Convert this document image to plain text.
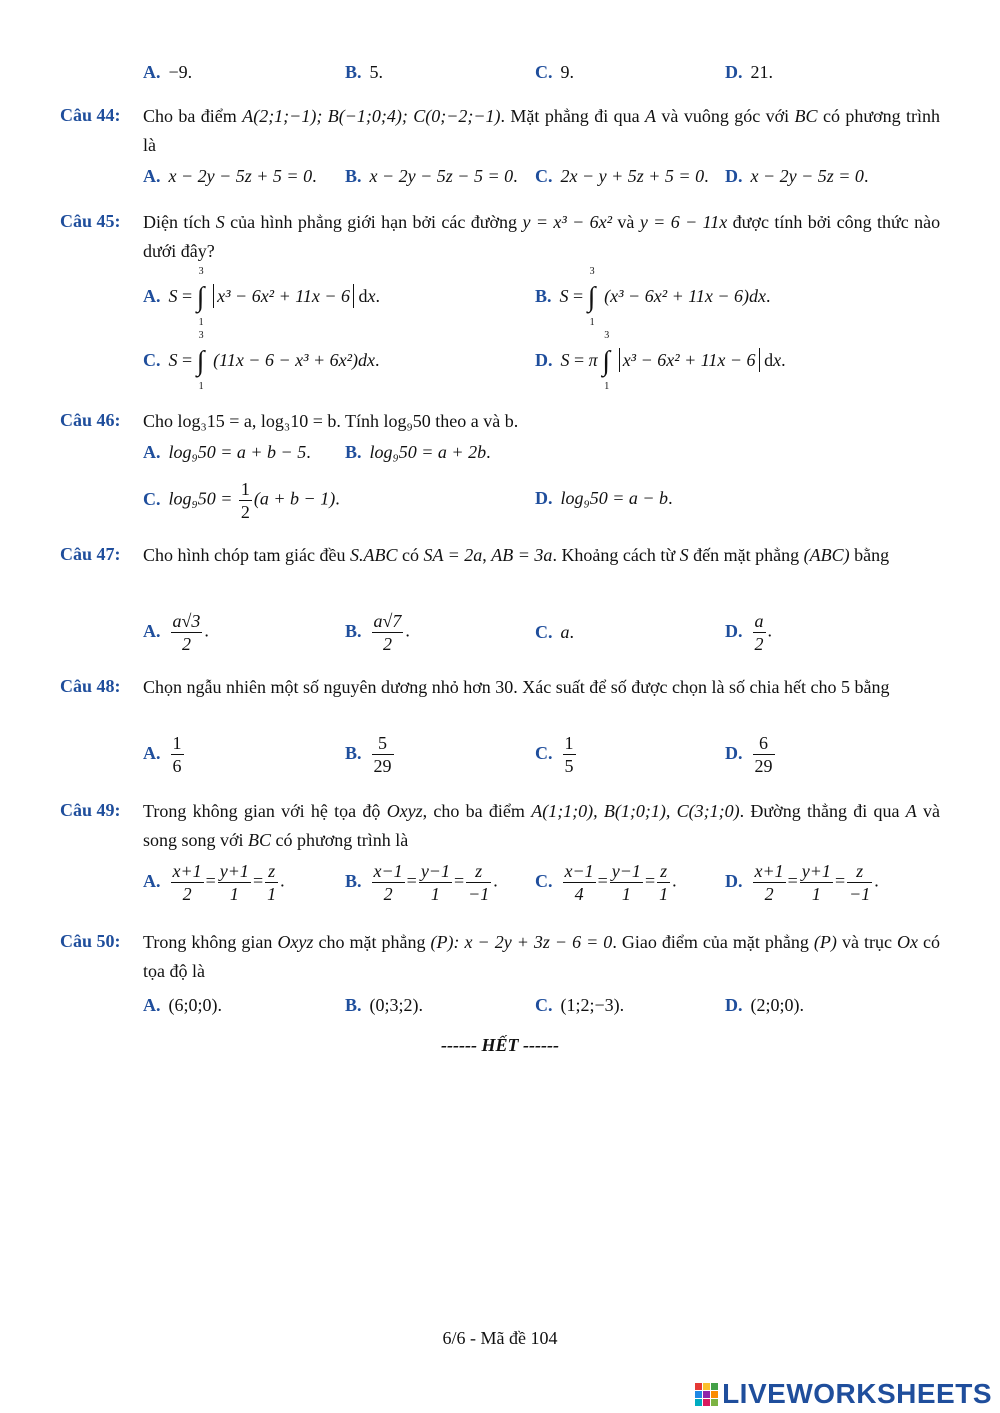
A. −9.	B. 5.	C. 9.	D. 21.
Câu 44: Cho ba điểm A(2;1;−1); B(−1;0;4); C(0;−2;−1). Mặt phẳng đi qua A và vuông góc với BC có phương trình là
A. x − 2y − 5z + 5 = 0. B. x − 2y − 5z − 5 = 0. C. 2x − y + 5z + 5 = 0. D. x − 2y − 5z = 0.
Câu 45: Diện tích S của hình phẳng giới hạn bởi các đường y = x³ − 6x² và y = 6 − 11x được tính bởi công thức nào dưới đây?
A. S = ∫
3
1
x³ − 6x² + 11x − 6 dx.	B. S = ∫
3
1
(x³ − 6x² + 11x − 6)dx.
C. S = ∫
3
1
(11x − 6 − x³ + 6x²)dx.	D. S = π ∫
3
1
x³ − 6x² + 11x − 6 dx.
Câu 46: Cho log₃15 = a, log₃10 = b. Tính log₉50 theo a và b.
A. log₉50 = a + b − 5. B. log₉50 = a + 2b.
C. $\log_950 = \frac{1}{2} (a + b - 1)$.	D. log₉50 = a − b.
Câu 47: Cho hình chóp tam giác đều S.ABC có SA = 2a, AB = 3a. Khoảng cách từ S đến mặt phẳng (ABC) bằng
A. $\frac{a√3}{2}$ .	B. $\frac{a√7}{2}$ .	C. a.	D. $\frac{a}{2}$ .
Câu 48: Chọn ngẫu nhiên một số nguyên dương nhỏ hơn 30. Xác suất để số được chọn là số chia hết cho 5 bằng
A. $\frac{1}{6}$	B. $\frac{5}{29}$	C. $\frac{1}{5}$	D. $\frac{6}{29}$
Câu 49: Trong không gian với hệ tọa độ Oxyz, cho ba điểm A(1;1;0), B(1;0;1), C(3;1;0). Đường thẳng đi qua A và song song với BC có phương trình là
A. $\frac{x+1}{2} = \frac{y+1}{1} = \frac{z}{1}$ .	B. $\frac{x-1}{2} = \frac{y-1}{1} = \frac{z}{-1}$ . C. $\frac{x-1}{4} = \frac{y-1}{1} = \frac{z}{1}$ .	D. $\frac{x+1}{2} = \frac{y+1}{1} = \frac{z}{-1}$ .
Câu 50: Trong không gian Oxyz cho mặt phẳng (P): x − 2y + 3z − 6 = 0. Giao điểm của mặt phẳng (P) và trục Ox có tọa độ là
A. (6;0;0).	B. (0;3;2).	C. (1;2;−3).	D. (2;0;0).
------ HẾT ------
6/6 - Mã đề 104
LIVEWORKSHEETS
